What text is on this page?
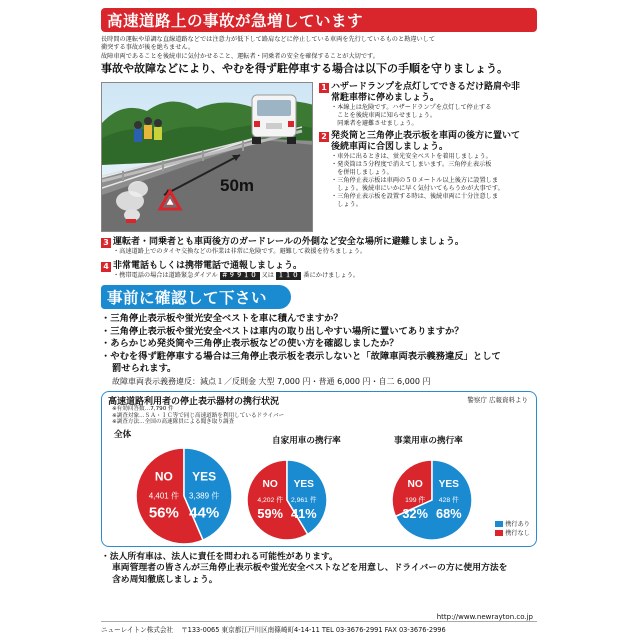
高速道路上の事故が急増しています
長時間の運転や単調な直線道路などでは注意力が低下して路肩などに停止している車両を先行しているものと勘違いして
衝突する事故が後を絶ちません。
故障車両であることを後続車に気付かせること、運転者・同乗者の安全を確保することが大切です。
事故や故障などにより、やむを得ず駐停車する場合は以下の手順を守りましょう。
50m
1 ハザードランプを点灯してできるだけ路肩や非
常駐車帯に停めましょう。
・本線上は危険です。ハザードランプを点灯して停止する
　ことを後続車両に知らせましょう。
　同乗者を避難させましょう。
2 発炎筒と三角停止表示板を車両の後方に置いて
後続車両に合図しましょう。
・車外に出るときは、蛍光安全ベストを着用しましょう。
・発炎筒は５分程度で消えてしまいます。三角停止表示板
　を併用しましょう。
・三角停止表示板は車両の５０メートル以上後方に設置しま
　しょう。後続車にいかに早く気付いてもらうかが大事です。
・三角停止表示板を設置する時は、後続車両に十分注意しま
　しょう。
3 運転者・同乗者とも車両後方のガードレールの外側など安全な場所に避難しましょう。
・高速道路上でのタイヤ交換などの作業は非常に危険です。避難して救援を待ちましょう。
4 非常電話もしくは携帯電話で通報しましょう。
・携帯電話の場合は道路緊急ダイアル ＃９９１０ 又は １１０ 番にかけましょう。
事前に確認して下さい
・三角停止表示板や蛍光安全ベストを車に積んでますか？
・三角停止表示板や蛍光安全ベストは車内の取り出しやすい場所に置いてありますか？
・あらかじめ発炎筒や三角停止表示板などの使い方を確認しましたか？
・やむを得ず駐停車する場合は三角停止表示板を表示しないと「故障車両表示義務違反」として
罰せられます。
故障車両表示義務違反：減点１／反則金 大型 7,000 円・普通 6,000 円・自二 6,000 円
高速道路利用者の停止表示器材の携行状況	警察庁 広報資料より
※有効回答数…7,790 件
※調査対象…ＳＡ・ＩＣ等で同じ高速道路を利用しているドライバー
※調査方法…全国の高速隊員による聞き取り調査
全体
自家用車の携行率	事業用車の携行率
YES
3,389 件
44%
NO
4,401 件
56%
YES
2,961 件
41%
NO
4,202 件
59%
YES
428 件
68%
NO
199 件
32%
携行あり
携行なし
・法人所有車は、法人に責任を問われる可能性があります。
車両管理者の皆さんが三角停止表示板や蛍光安全ベストなどを用意し、ドライバーの方に使用方法を
含め周知徹底しましょう。
http://www.newrayton.co.jp
ニューレイトン株式会社 〒133-0065 東京都江戸川区南篠崎町4-14-11 TEL 03-3676-2991 FAX 03-3676-2996
